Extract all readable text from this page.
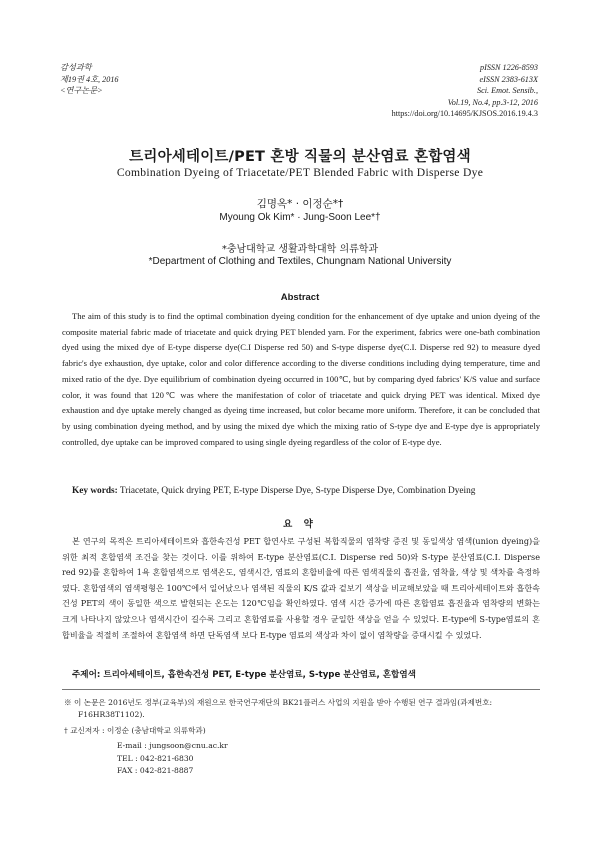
감성과학
제19권 4호, 2016
<연구논문>
pISSN 1226-8593
eISSN 2383-613X
Sci. Emot. Sensib.,
Vol.19, No.4, pp.3-12, 2016
https://doi.org/10.14695/KJSOS.2016.19.4.3
트리아세테이트/PET 혼방 직물의 분산염료 혼합염색
Combination Dyeing of Triacetate/PET Blended Fabric with Disperse Dye
김명옥* · 이정순*†
Myoung Ok Kim* · Jung-Soon Lee*†
*충남대학교 생활과학대학 의류학과
*Department of Clothing and Textiles, Chungnam National University
Abstract
The aim of this study is to find the optimal combination dyeing condition for the enhancement of dye uptake and union dyeing of the composite material fabric made of triacetate and quick drying PET blended yarn. For the experiment, fabrics were one-bath combination dyed using the mixed dye of E-type disperse dye(C.I Disperse red 50) and S-type disperse dye(C.I. Disperse red 92) to measure dyed fabric's dye exhaustion, dye uptake, color and color difference according to the diverse conditions including dying temperature, time and mixed ratio of the dye. Dye equilibrium of combination dyeing occurred in 100℃, but by comparing dyed fabrics' K/S value and surface color, it was found that 120℃ was where the manifestation of color of triacetate and quick drying PET was identical. Mixed dye exhaustion and dye uptake merely changed as dyeing time increased, but color became more uniform. Therefore, it can be concluded that by using combination dyeing method, and by using the mixed dye which the mixing ratio of S-type dye and E-type dye is appropriately controlled, dye uptake can be improved compared to using single dyeing regardless of the color of E-type dye.
Key words: Triacetate, Quick drying PET, E-type Disperse Dye, S-type Disperse Dye, Combination Dyeing
요 약
본 연구의 목적은 트리아세테이트와 흡한속건성 PET 합연사로 구성된 복합직물의 염착량 증진 및 동일색상 염색(union dyeing)을 위한 최적 혼합염색 조건을 찾는 것이다. 이를 위하여 E-type 분산염료(C.I. Disperse red 50)와 S-type 분산염료(C.I. Disperse red 92)를 혼합하여 1욕 혼합염색으로 염색온도, 염색시간, 염료의 혼합비율에 따른 염색직물의 흡진율, 염착율, 색상 및 색차를 측정하였다. 혼합염색의 염색평형은 100℃에서 일어났으나 염색된 직물의 K/S 값과 겉보기 색상을 비교해보았을 때 트리아세테이트와 흡한속건성 PET의 색이 동일한 색으로 발현되는 온도는 120℃임을 확인하였다. 염색 시간 증가에 따른 혼합염료 흡진율과 염착량의 변화는 크게 나타나지 않았으나 염색시간이 길수록 그리고 혼합염료를 사용할 경우 균일한 색상을 얻을 수 있었다. E-type에 S-type염료의 혼합비율을 적절히 조절하여 혼합염색 하면 단독염색 보다 E-type 염료의 색상과 차이 없이 염착량을 증대시킬 수 있었다.
주제어: 트리아세테이트, 흡한속건성 PET, E-type 분산염료, S-type 분산염료, 혼합염색
※ 이 논문은 2016년도 정부(교육부)의 재원으로 한국연구재단의 BK21플러스 사업의 지원을 받아 수행된 연구 결과임(과제번호:
F16HR38T1102).
† 교신저자 : 이정순 (충남대학교 의류학과)
E-mail : jungsoon@cnu.ac.kr
TEL : 042-821-6830
FAX : 042-821-8887
